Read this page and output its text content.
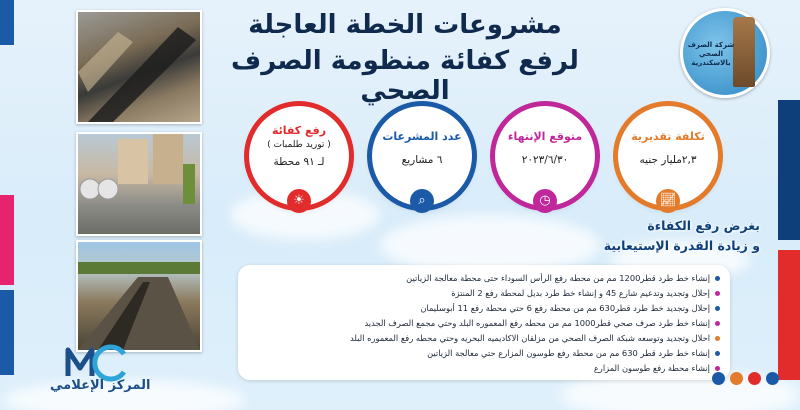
مشروعات الخطة العاجلة
لرفع كفائة منظومة الصرف الصحي
شركة الصرف الصحي بالاسكندرية
تكلفة تقديرية
٢,٣مليار جنيه
📈︎
متوقع الإنتهاء
٢٠٢٣/٦/٣٠
◷
عدد المشرعات
٦ مشاريع
⌕
رفع كفائة
( توريد طلمبات )
لـ ٩١ محطة
☀
بغرض رفع الكفاءة
و زيادة القدرة الإستيعابية
إنشاء خط طرد قطر1200 مم من محطة رفع الرأس السوداء حتى محطة معالجة الزياتين
إحلال وتجديد وتدعيم شارع 45 و إنشاء خط طرد بديل لمحطة رفع 2 المنتزة
إحلال وتجديد خط طرد قطر630 مم من محطة رفع 6 حتي محطة رفع 11 أبوسليمان
إنشاء خط طرد صرف صحي قطر1000 مم من محطه رفع المعموره البلد وحتي مجمع الصرف الجديد
احلال وتجديد وتوسعه شبكة الصرف الصحي من مزلقان الاكاديميه البحريه وحتي محطه رفع المعموره البلد
إنشاء خط طرد قطر 630 مم من محطة رفع طوسون المزارع حتي معالجة الزياتين
إنشاء محطة رفع طوسون المزارع
المركز الإعلامي
